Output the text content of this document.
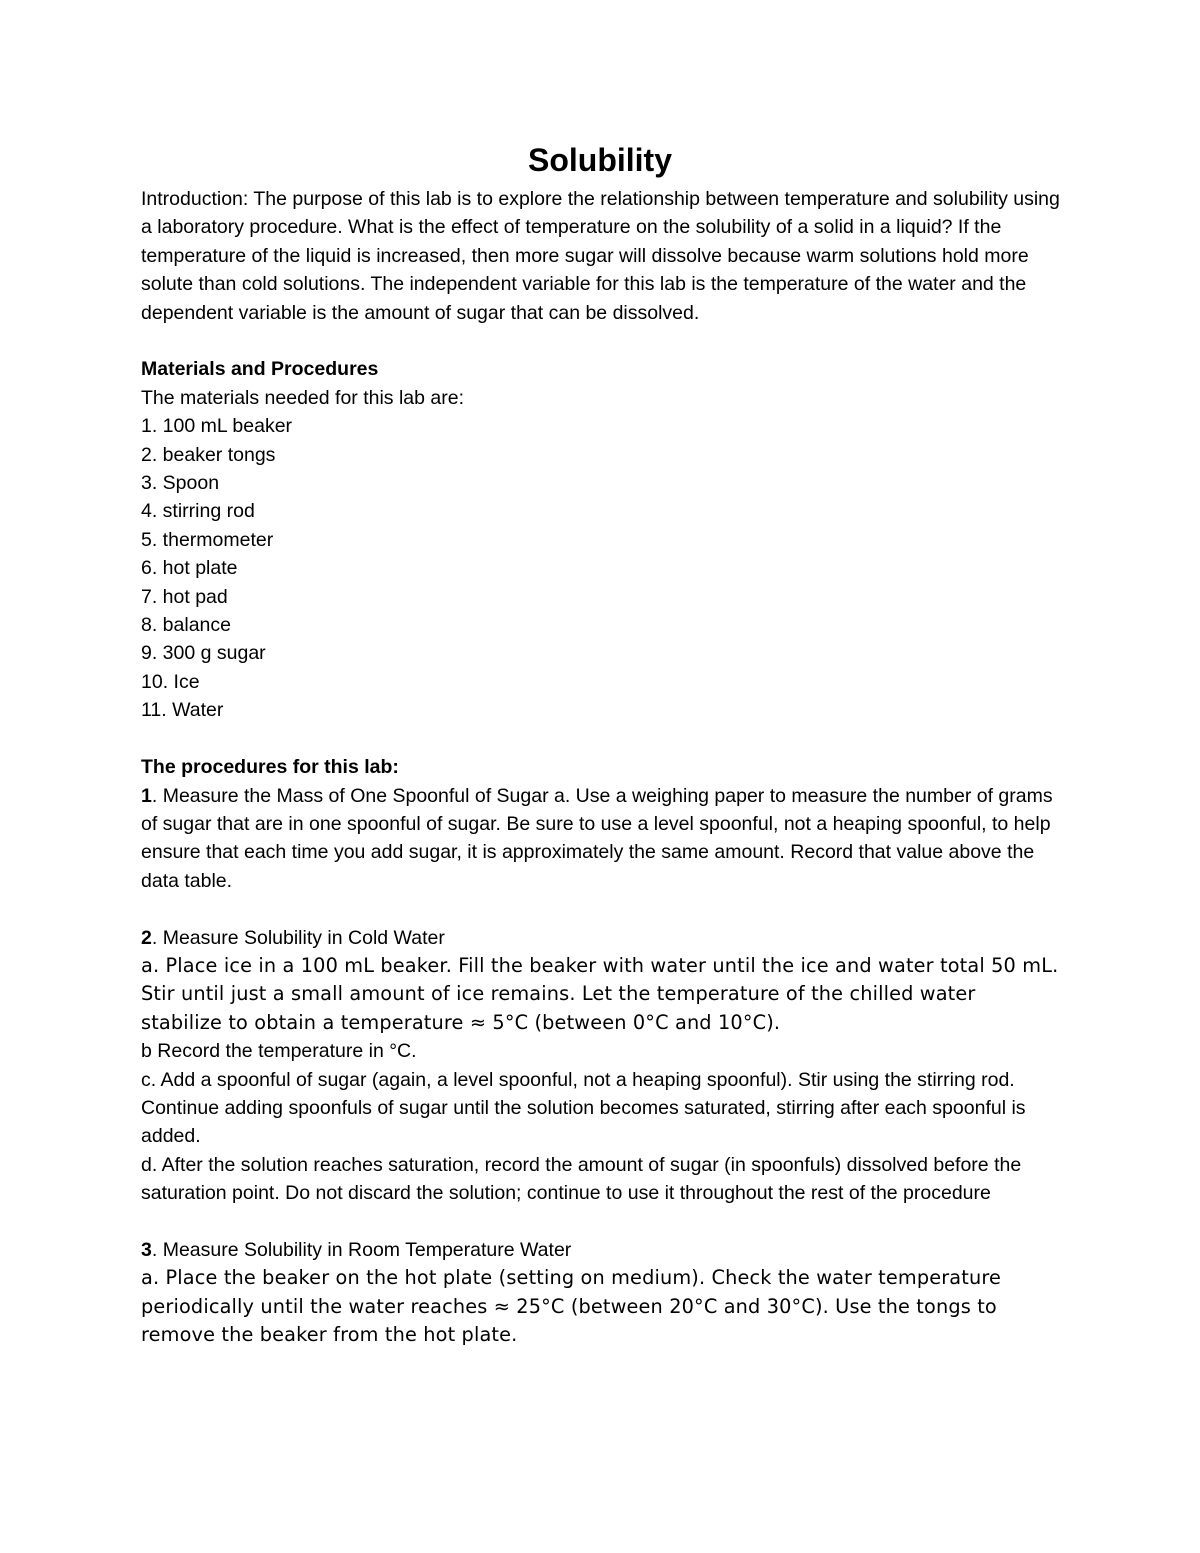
Solubility

Introduction: The purpose of this lab is to explore the relationship between temperature and solubility using a laboratory procedure. What is the effect of temperature on the solubility of a solid in a liquid? If the temperature of the liquid is increased, then more sugar will dissolve because warm solutions hold more solute than cold solutions. The independent variable for this lab is the temperature of the water and the dependent variable is the amount of sugar that can be dissolved.

Materials and Procedures

The materials needed for this lab are:

1. 100 mL beaker
2. beaker tongs
3. Spoon
4. stirring rod
5. thermometer
6. hot plate
7. hot pad
8. balance
9. 300 g sugar
10. Ice
11. Water

The procedures for this lab:

1. Measure the Mass of One Spoonful of Sugar a. Use a weighing paper to measure the number of grams of sugar that are in one spoonful of sugar. Be sure to use a level spoonful, not a heaping spoonful, to help ensure that each time you add sugar, it is approximately the same amount. Record that value above the data table.

2. Measure Solubility in Cold Water

a. Place ice in a 100 mL beaker. Fill the beaker with water until the ice and water total 50 mL. Stir until just a small amount of ice remains. Let the temperature of the chilled water stabilize to obtain a temperature ≈ 5°C (between 0°C and 10°C).

b Record the temperature in °C.

c. Add a spoonful of sugar (again, a level spoonful, not a heaping spoonful). Stir using the stirring rod. Continue adding spoonfuls of sugar until the solution becomes saturated, stirring after each spoonful is added.

d. After the solution reaches saturation, record the amount of sugar (in spoonfuls) dissolved before the saturation point. Do not discard the solution; continue to use it throughout the rest of the procedure

3. Measure Solubility in Room Temperature Water

a. Place the beaker on the hot plate (setting on medium). Check the water temperature periodically until the water reaches ≈ 25°C (between 20°C and 30°C). Use the tongs to remove the beaker from the hot plate.
